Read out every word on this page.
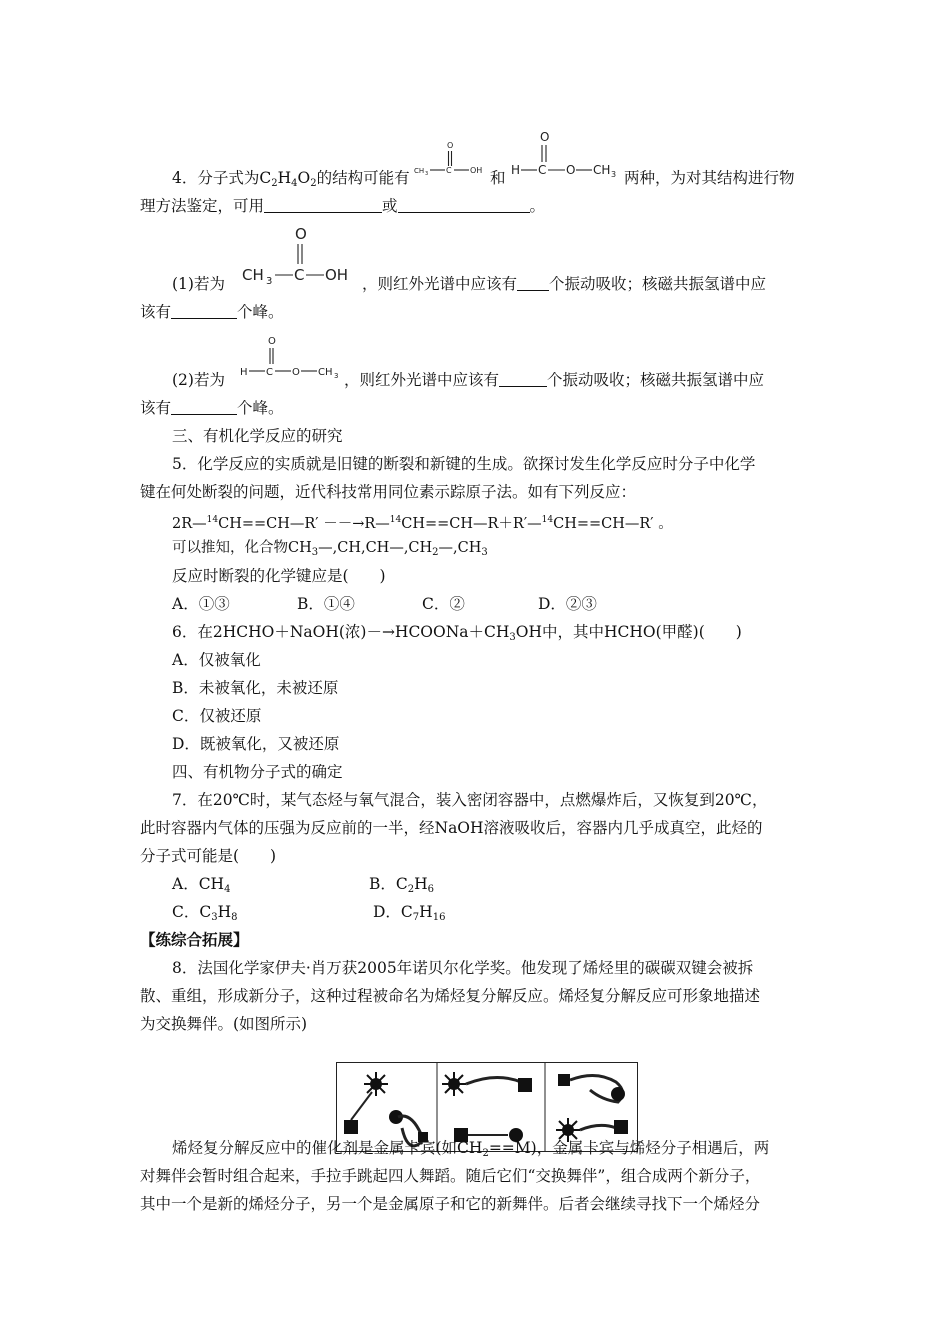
4．分子式为$C_2H_4O_2$的结构可能有
O
CH 3 C OH 和
O
H C O CH 3 两种，为对其结构进行物
理方法鉴定，可用	或	。
O
CH 3 C OH
(1)若为	，则红外光谱中应该有 个振动吸收；核磁共振氢谱中应
该有	个峰。
O
H C O CH 3
(2)若为	，则红外光谱中应该有	个振动吸收；核磁共振氢谱中应
该有	个峰。
三、有机化学反应的研究
5．化学反应的实质就是旧键的断裂和新键的生成。欲探讨发生化学反应时分子中化学
键在何处断裂的问题，近代科技常用同位素示踪原子法。如有下列反应：
2R—$^{14}$CH==CH—R′ －－→R—$^{14}$CH==CH—R＋R′—$^{14}$CH==CH—R′ 。
可以推知，化合物$CH_3—,CH,CH—,CH_2—,CH_3$
反应时断裂的化学键应是(　　)
A．①③	B．①④	C．②	D．②③
6．在2HCHO＋NaOH(浓)$-\to HCOONa+CH_3OH$中，其中HCHO(甲醛)(　　)
A．仅被氧化
B．未被氧化，未被还原
C．仅被还原
D．既被氧化，又被还原
四、有机物分子式的确定
7．在20℃时，某气态烃与氧气混合，装入密闭容器中，点燃爆炸后，又恢复到20℃，
此时容器内气体的压强为反应前的一半，经NaOH溶液吸收后，容器内几乎成真空，此烃的
分子式可能是(　　)
A．$CH_4$	B．$C_2H_6$
C．$C_3H_8$	D．$C_7H_{16}$
【练综合拓展】
8．法国化学家伊夫·肖万获2005年诺贝尔化学奖。他发现了烯烃里的碳碳双键会被拆
散、重组，形成新分子，这种过程被命名为烯烃复分解反应。烯烃复分解反应可形象地描述
为交换舞伴。(如图所示)
烯烃复分解反应中的催化剂是金属卡宾(如$CH_2==M$)，金属卡宾与烯烃分子相遇后，两
对舞伴会暂时组合起来，手拉手跳起四人舞蹈。随后它们“交换舞伴”，组合成两个新分子，
其中一个是新的烯烃分子，另一个是金属原子和它的新舞伴。后者会继续寻找下一个烯烃分
